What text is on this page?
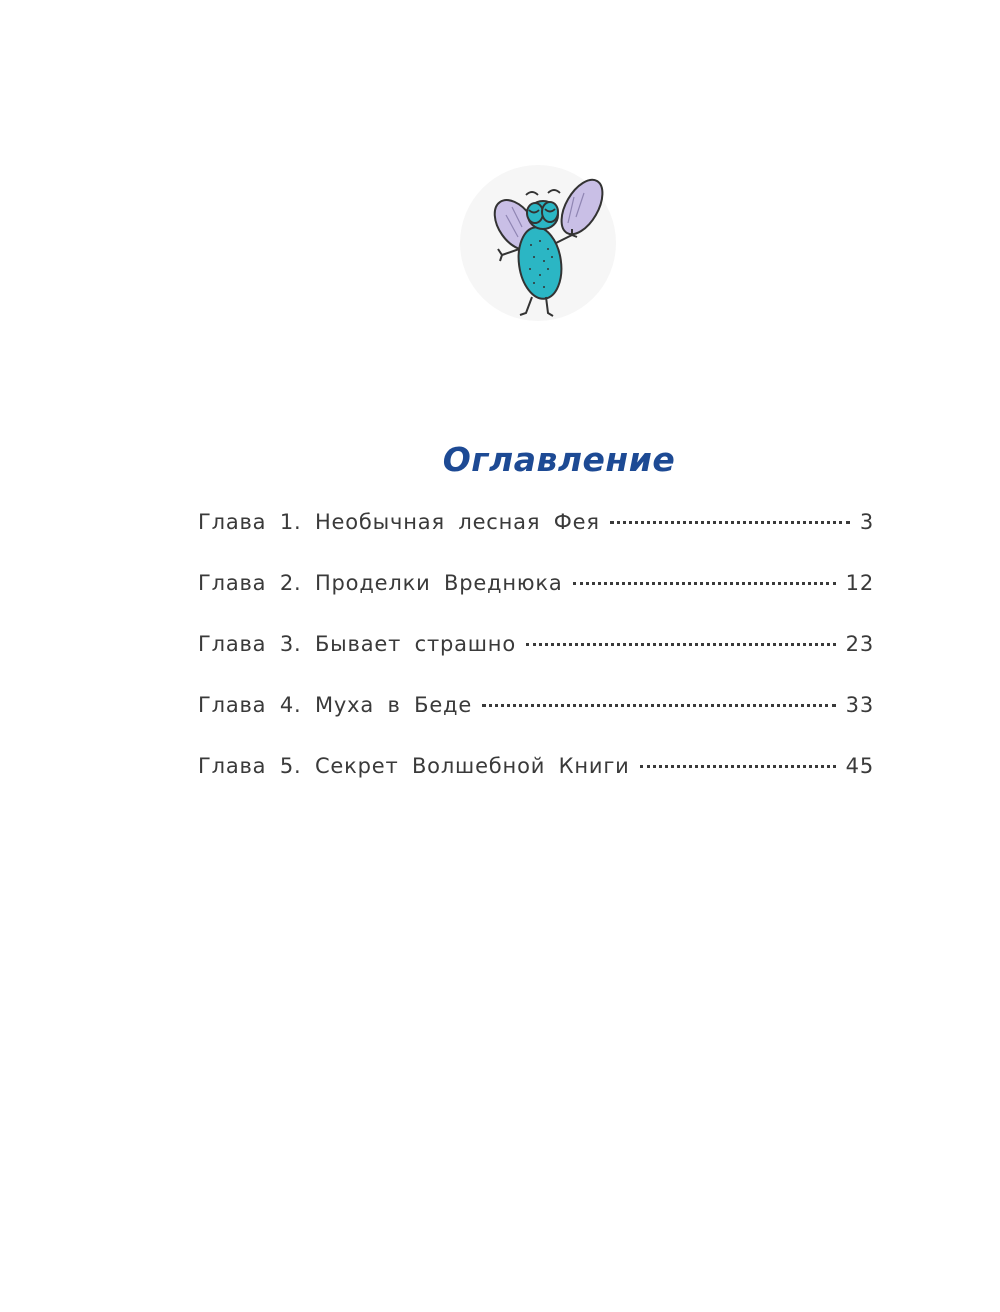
Оглавление
Глава 1. Необычная лесная Фея	3
Глава 2. Проделки Вреднюка	12
Глава 3. Бывает страшно	23
Глава 4. Муха в Беде	33
Глава 5. Секрет Волшебной Книги	45
